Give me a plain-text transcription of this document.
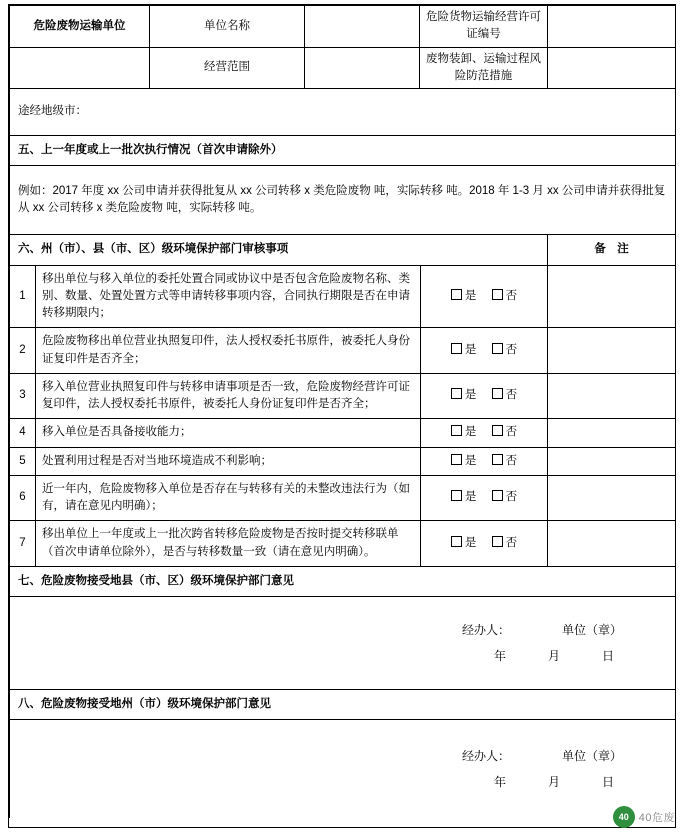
危险废物运输单位	单位名称		危险货物运输经营许可证编号	
	经营范围		废物装卸、运输过程风险防范措施	
途经地级市：				
五、上一年度或上一批次执行情况（首次申请除外）				
例如：2017 年度 xx 公司申请并获得批复从 xx 公司转移 x 类危险废物 吨，实际转移 吨。2018 年 1-3 月 xx 公司申请并获得批复从 xx 公司转移 x 类危险废物 吨，实际转移 吨。				
六、州（市）、县（市、区）级环境保护部门审核事项				备　注
1	移出单位与移入单位的委托处置合同或协议中是否包含危险废物名称、类别、数量、处置处置方式等申请转移事项内容，合同执行期限是否在申请转移期限内；	是 否	
2	危险废物移出单位营业执照复印件，法人授权委托书原件，被委托人身份证复印件是否齐全；	是 否	
3	移入单位营业执照复印件与转移申请事项是否一致，危险废物经营许可证复印件，法人授权委托书原件，被委托人身份证复印件是否齐全；	是 否	
4	移入单位是否具备接收能力；	是 否	
5	处置利用过程是否对当地环境造成不利影响；	是 否	
6	近一年内，危险废物移入单位是否存在与转移有关的未整改违法行为（如有，请在意见内明确）；	是 否	
7	移出单位上一年度或上一批次跨省转移危险废物是否按时提交转移联单（首次申请单位除外），是否与转移数量一致（请在意见内明确）。	是 否	
七、危险废物接受地县（市、区）级环境保护部门意见

经办人：	单位（章）
年	月	日

八、危险废物接受地州（市）级环境保护部门意见

经办人：	单位（章）
年	月	日
40 40危废
